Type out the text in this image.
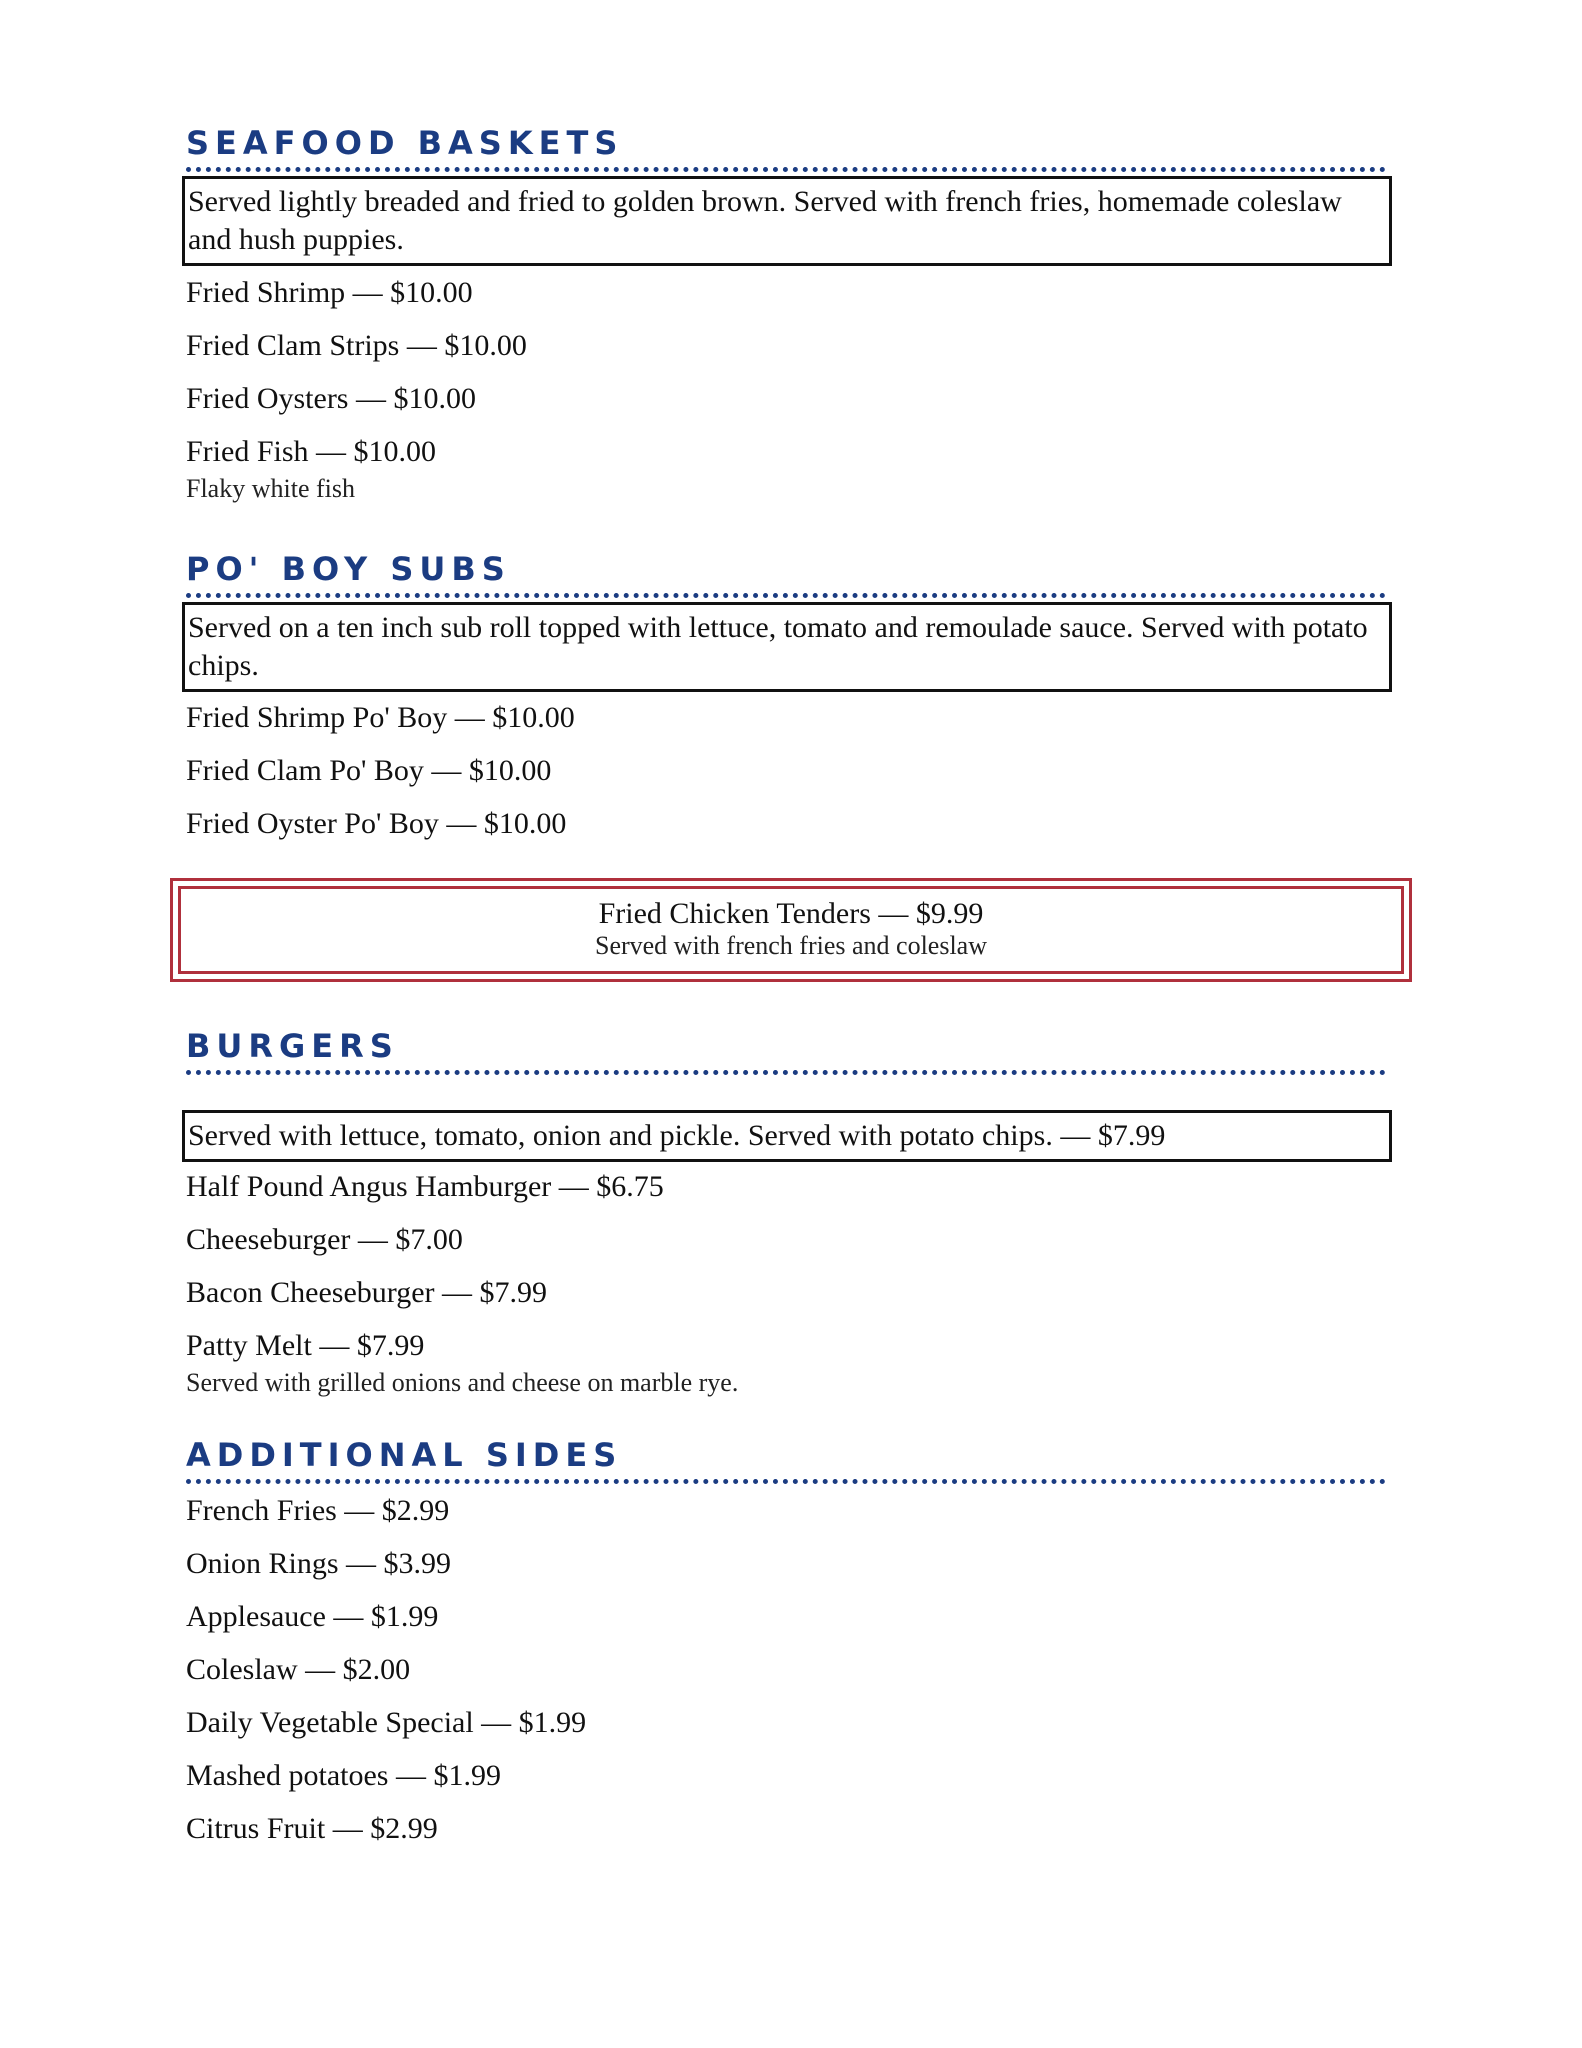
SEAFOOD BASKETS
Served lightly breaded and fried to golden brown. Served with french fries, homemade coleslaw and hush puppies.
Fried Shrimp — $10.00
Fried Clam Strips — $10.00
Fried Oysters — $10.00
Fried Fish — $10.00
Flaky white fish
PO' BOY SUBS
Served on a ten inch sub roll topped with lettuce, tomato and remoulade sauce. Served with potato chips.
Fried Shrimp Po' Boy — $10.00
Fried Clam Po' Boy — $10.00
Fried Oyster Po' Boy — $10.00
Fried Chicken Tenders — $9.99
Served with french fries and coleslaw
BURGERS
Served with lettuce, tomato, onion and pickle. Served with potato chips. — $7.99
Half Pound Angus Hamburger — $6.75
Cheeseburger — $7.00
Bacon Cheeseburger — $7.99
Patty Melt — $7.99
Served with grilled onions and cheese on marble rye.
ADDITIONAL SIDES
French Fries — $2.99
Onion Rings — $3.99
Applesauce — $1.99
Coleslaw — $2.00
Daily Vegetable Special — $1.99
Mashed potatoes — $1.99
Citrus Fruit — $2.99
